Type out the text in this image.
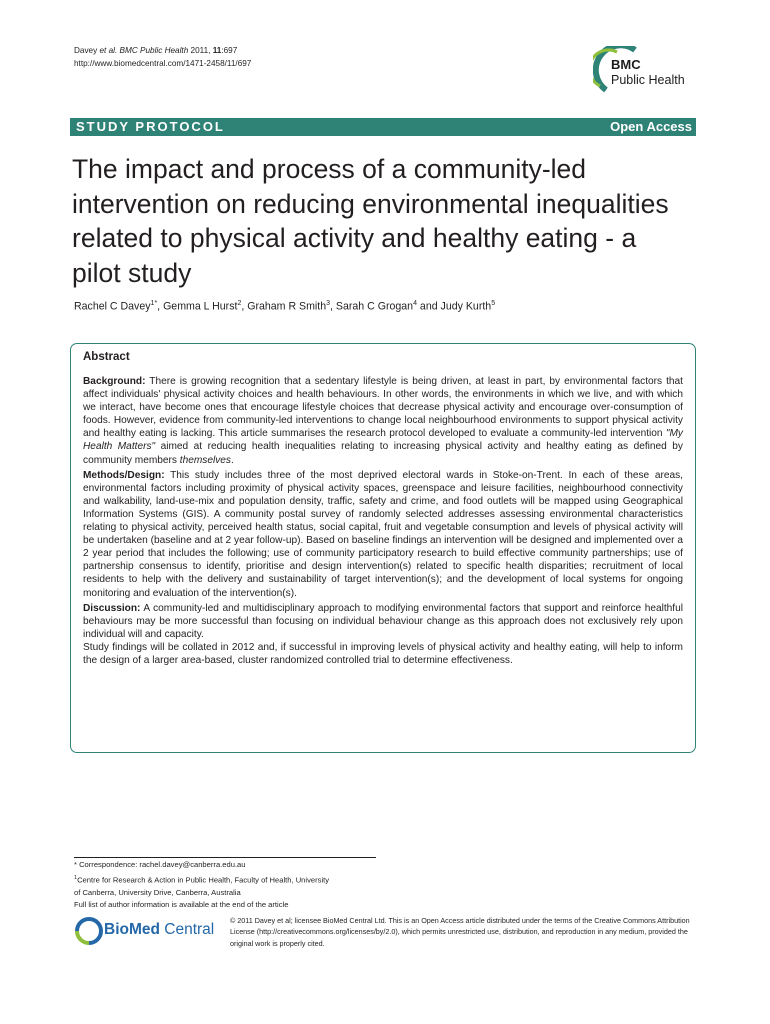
Davey et al. BMC Public Health 2011, 11:697
http://www.biomedcentral.com/1471-2458/11/697	BMC
Public Health
STUDY PROTOCOL	Open Access
The impact and process of a community-led intervention on reducing environmental inequalities related to physical activity and healthy eating - a pilot study
Rachel C Davey$^{1*}$, Gemma L Hurst$^2$, Graham R Smith$^3$, Sarah C Grogan$^4$ and Judy Kurth$^5$
Abstract

Background: There is growing recognition that a sedentary lifestyle is being driven, at least in part, by environmental factors that affect individuals' physical activity choices and health behaviours. In other words, the environments in which we live, and with which we interact, have become ones that encourage lifestyle choices that decrease physical activity and encourage over-consumption of foods. However, evidence from community-led interventions to change local neighbourhood environments to support physical activity and healthy eating is lacking. This article summarises the research protocol developed to evaluate a community-led intervention "My Health Matters" aimed at reducing health inequalities relating to increasing physical activity and healthy eating as defined by community members themselves.

Methods/Design: This study includes three of the most deprived electoral wards in Stoke-on-Trent. In each of these areas, environmental factors including proximity of physical activity spaces, greenspace and leisure facilities, neighbourhood connectivity and walkability, land-use-mix and population density, traffic, safety and crime, and food outlets will be mapped using Geographical Information Systems (GIS). A community postal survey of randomly selected addresses assessing environmental characteristics relating to physical activity, perceived health status, social capital, fruit and vegetable consumption and levels of physical activity will be undertaken (baseline and at 2 year follow-up). Based on baseline findings an intervention will be designed and implemented over a 2 year period that includes the following; use of community participatory research to build effective community partnerships; use of partnership consensus to identify, prioritise and design intervention(s) related to specific health disparities; recruitment of local residents to help with the delivery and sustainability of target intervention(s); and the development of local systems for ongoing monitoring and evaluation of the intervention(s).

Discussion: A community-led and multidisciplinary approach to modifying environmental factors that support and reinforce healthful behaviours may be more successful than focusing on individual behaviour change as this approach does not exclusively rely upon individual will and capacity.

Study findings will be collated in 2012 and, if successful in improving levels of physical activity and healthy eating, will help to inform the design of a larger area-based, cluster randomized controlled trial to determine effectiveness.

* Correspondence: rachel.davey@canberra.edu.au
$^1$Centre for Research & Action in Public Health, Faculty of Health, University
of Canberra, University Drive, Canberra, Australia
Full list of author information is available at the end of the article
BioMed Central
© 2011 Davey et al; licensee BioMed Central Ltd. This is an Open Access article distributed under the terms of the Creative Commons Attribution License (http://creativecommons.org/licenses/by/2.0), which permits unrestricted use, distribution, and reproduction in any medium, provided the original work is properly cited.
